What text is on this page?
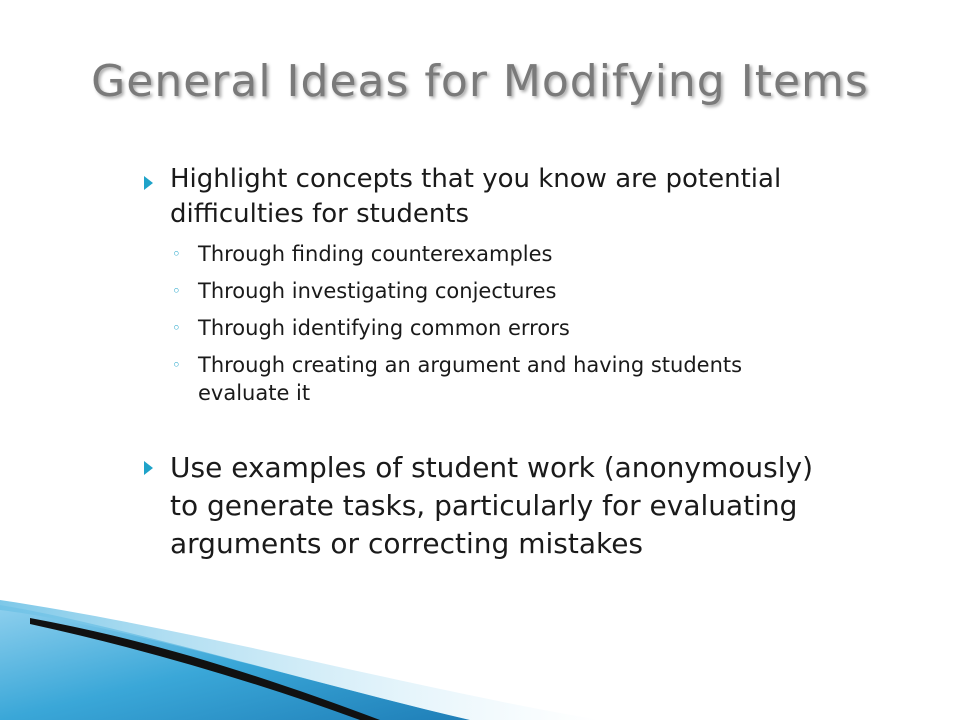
General Ideas for Modifying Items
Highlight concepts that you know are potential difficulties for students
◦ Through finding counterexamples
◦ Through investigating conjectures
◦ Through identifying common errors
◦ Through creating an argument and having students evaluate it
Use examples of student work (anonymously) to generate tasks, particularly for evaluating arguments or correcting mistakes
